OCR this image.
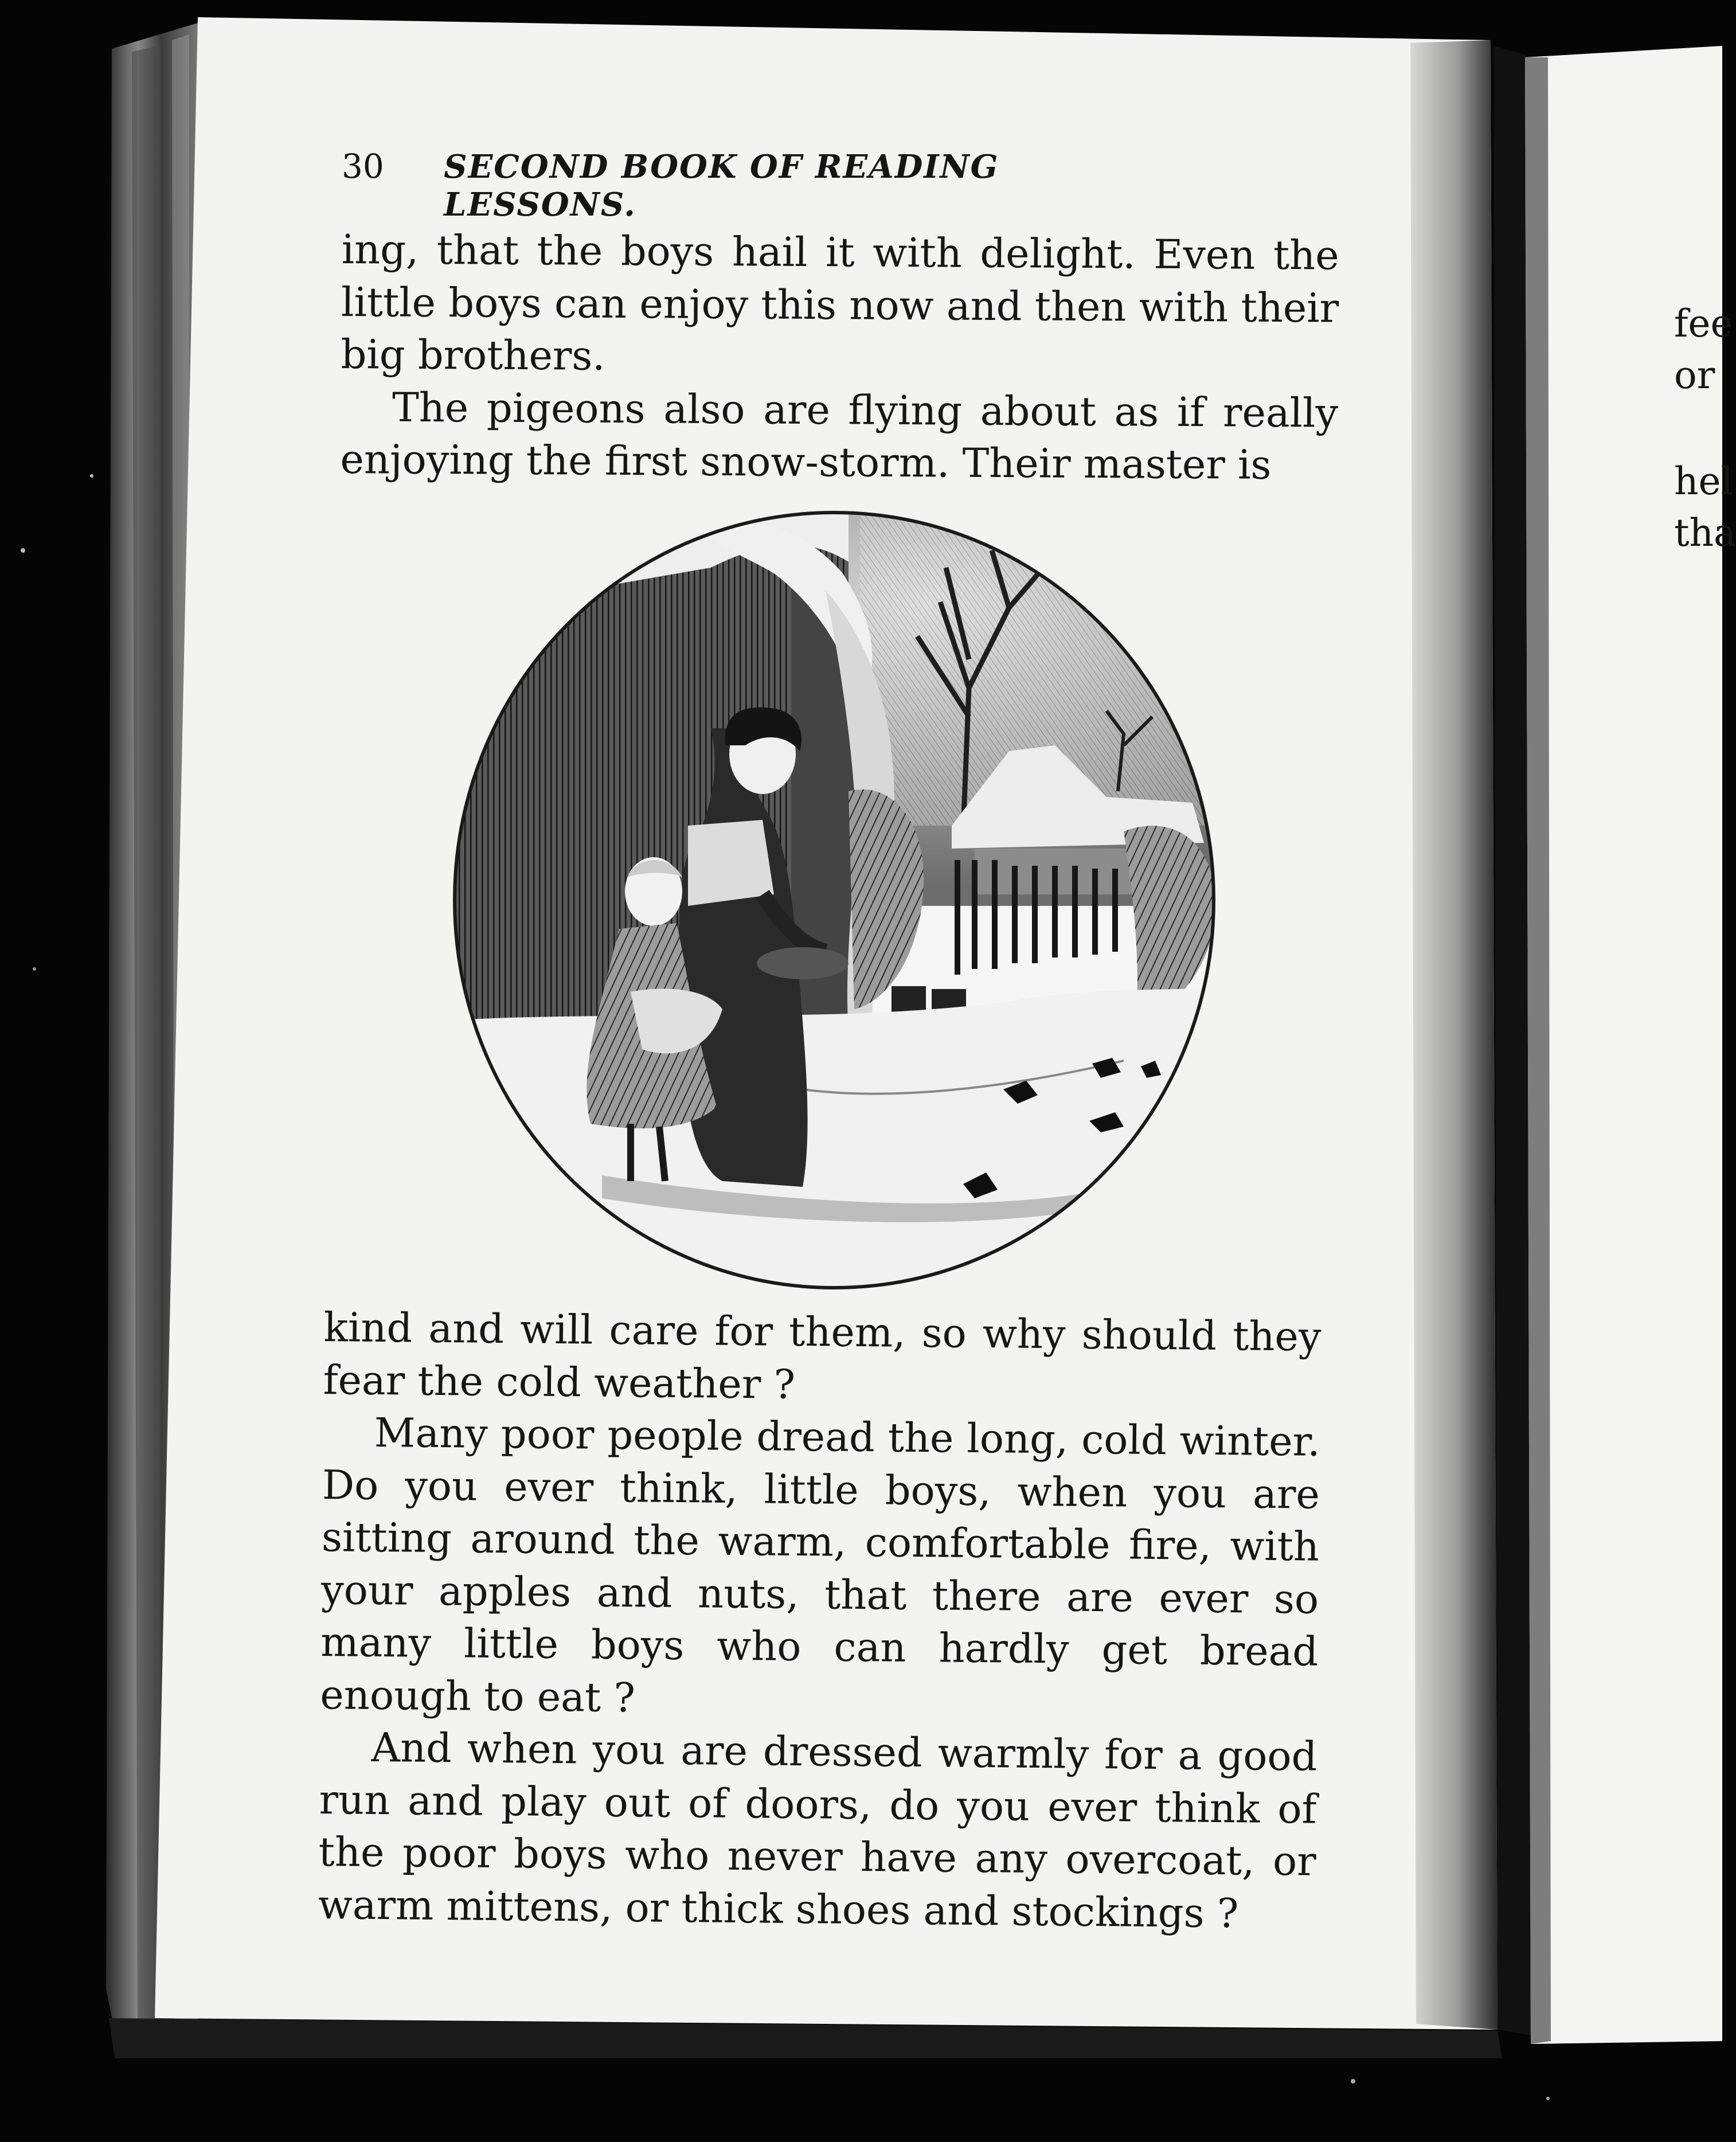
30	SECOND BOOK OF READING LESSONS.

ing, that the boys hail it with delight. Even the little boys can enjoy this now and then with their big brothers.

The pigeons also are flying about as if really enjoying the first snow-storm. Their master is

kind and will care for them, so why should they fear the cold weather ?

Many poor people dread the long, cold winter. Do you ever think, little boys, when you are sitting around the warm, comfortable fire, with your apples and nuts, that there are ever so many little boys who can hardly get bread enough to eat ?

And when you are dressed warmly for a good run and play out of doors, do you ever think of the poor boys who never have any overcoat, or warm mittens, or thick shoes and stockings ?

fee
or
hel
tha
